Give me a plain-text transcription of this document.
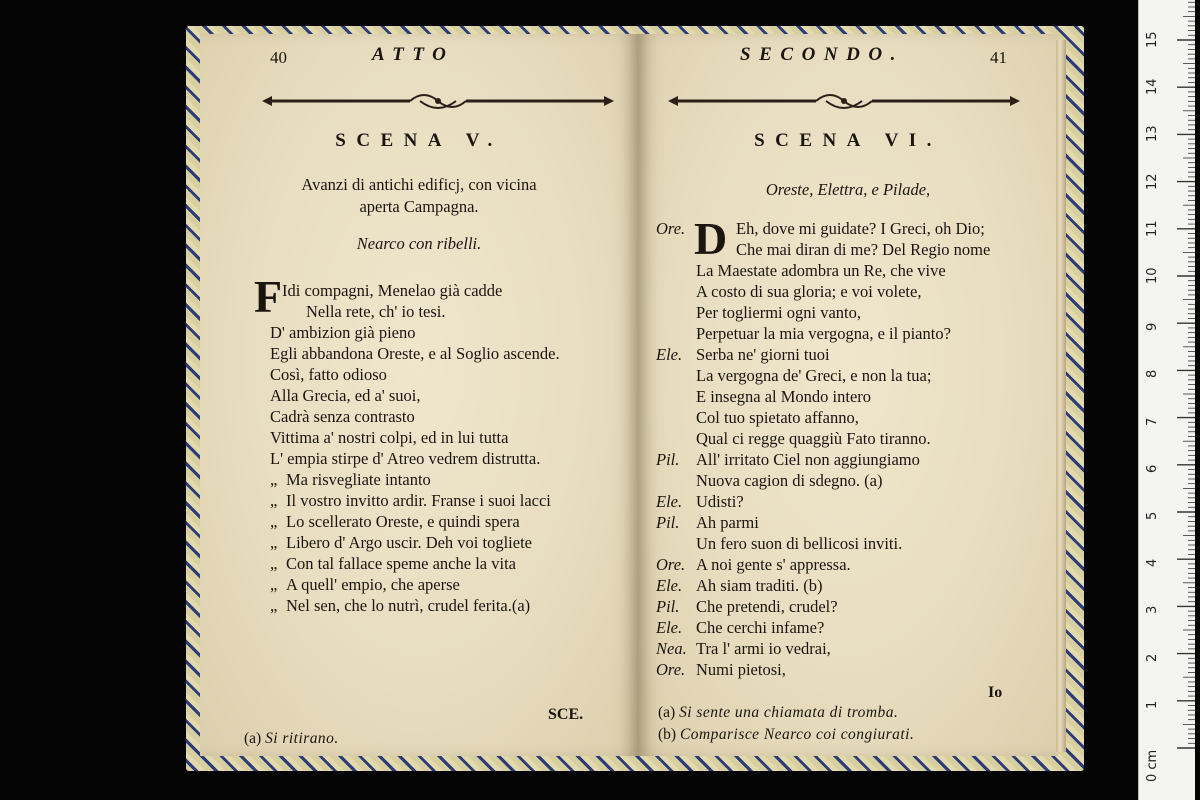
40	ATTO
SCENA V.
Avanzi di antichi edificj, con vicina
aperta Campagna.
Nearco con ribelli.
F Idi compagni, Menelao già cadde
Nella rete, ch' io tesi.
D' ambizion già pieno
Egli abbandona Oreste, e al Soglio ascende.
Così, fatto odioso
Alla Grecia, ed a' suoi,
Cadrà senza contrasto
Vittima a' nostri colpi, ed in lui tutta
L' empia stirpe d' Atreo vedrem distrutta.
„ Ma risvegliate intanto
„ Il vostro invitto ardir. Franse i suoi lacci
„ Lo scellerato Oreste, e quindi spera
„ Libero d' Argo uscir. Deh voi togliete
„ Con tal fallace speme anche la vita
„ A quell' empio, che aperse
„ Nel sen, che lo nutrì, crudel ferita.(a)
SCE.
(a) Si ritirano.
SECONDO.	41
SCENA VI.
Oreste, Elettra, e Pilade,
D
Ore.	Eh, dove mi guidate? I Greci, oh Dio;
Che mai diran di me? Del Regio nome
La Maestate adombra un Re, che vive
A costo di sua gloria; e voi volete,
Per togliermi ogni vanto,
Perpetuar la mia vergogna, e il pianto?
Ele. Serba ne' giorni tuoi
La vergogna de' Greci, e non la tua;
E insegna al Mondo intero
Col tuo spietato affanno,
Qual ci regge quaggiù Fato tiranno.
Pil. All' irritato Ciel non aggiungiamo
Nuova cagion di sdegno. (a)
Ele. Udisti?
Pil. Ah parmi
Un fero suon di bellicosi inviti.
Ore. A noi gente s' appressa.
Ele. Ah siam traditi. (b)
Pil. Che pretendi, crudel?
Ele. Che cerchi infame?
Nea. Tra l' armi io vedrai,
Ore. Numi pietosi,
Io
(a) Si sente una chiamata di tromba.
(b) Comparisce Nearco coi congiurati.
0 cm
1
2
3
4
5
6
7
8
9
10
11
12
13
14
15
